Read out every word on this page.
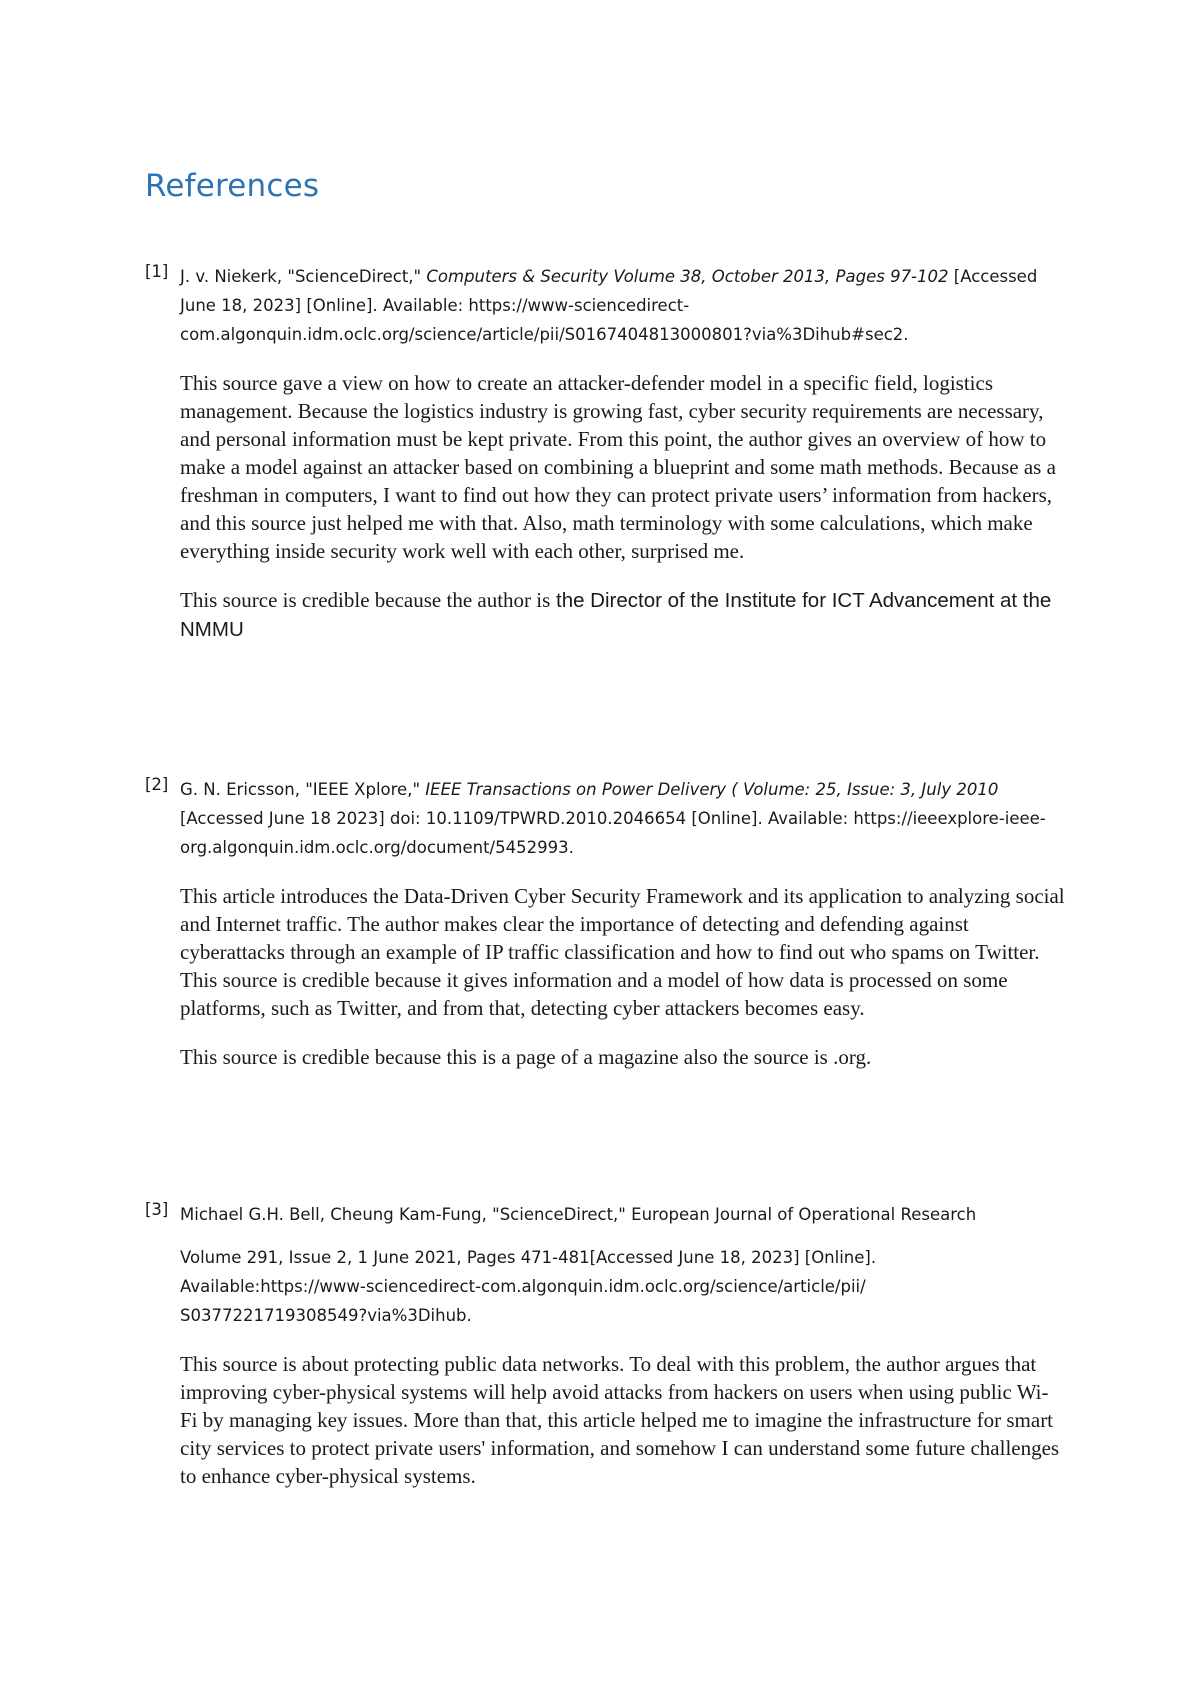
References
[1] J. v. Niekerk, "ScienceDirect," Computers & Security Volume 38, October 2013, Pages 97-102 [Accessed June 18, 2023] [Online]. Available: https://www-sciencedirect-com.algonquin.idm.oclc.org/science/article/pii/S0167404813000801?via%3Dihub#sec2.

This source gave a view on how to create an attacker-defender model in a specific field, logistics management. Because the logistics industry is growing fast, cyber security requirements are necessary, and personal information must be kept private. From this point, the author gives an overview of how to make a model against an attacker based on combining a blueprint and some math methods. Because as a freshman in computers, I want to find out how they can protect private users’ information from hackers, and this source just helped me with that. Also, math terminology with some calculations, which make everything inside security work well with each other, surprised me.

This source is credible because the author is the Director of the Institute for ICT Advancement at the NMMU

[2] G. N. Ericsson, "IEEE Xplore," IEEE Transactions on Power Delivery ( Volume: 25, Issue: 3, July 2010 [Accessed June 18 2023] doi: 10.1109/TPWRD.2010.2046654 [Online]. Available: https://ieeexplore-ieee-org.algonquin.idm.oclc.org/document/5452993.

This article introduces the Data-Driven Cyber Security Framework and its application to analyzing social and Internet traffic. The author makes clear the importance of detecting and defending against cyberattacks through an example of IP traffic classification and how to find out who spams on Twitter. This source is credible because it gives information and a model of how data is processed on some platforms, such as Twitter, and from that, detecting cyber attackers becomes easy.

This source is credible because this is a page of a magazine also the source is .org.

[3] Michael G.H. Bell, Cheung Kam-Fung, "ScienceDirect," European Journal of Operational Research
Volume 291, Issue 2, 1 June 2021, Pages 471-481[Accessed June 18, 2023] [Online].
Available:https://www-sciencedirect-com.algonquin.idm.oclc.org/science/article/pii/
S0377221719308549?via%3Dihub.

This source is about protecting public data networks. To deal with this problem, the author argues that improving cyber-physical systems will help avoid attacks from hackers on users when using public Wi-Fi by managing key issues. More than that, this article helped me to imagine the infrastructure for smart city services to protect private users' information, and somehow I can understand some future challenges to enhance cyber-physical systems.
